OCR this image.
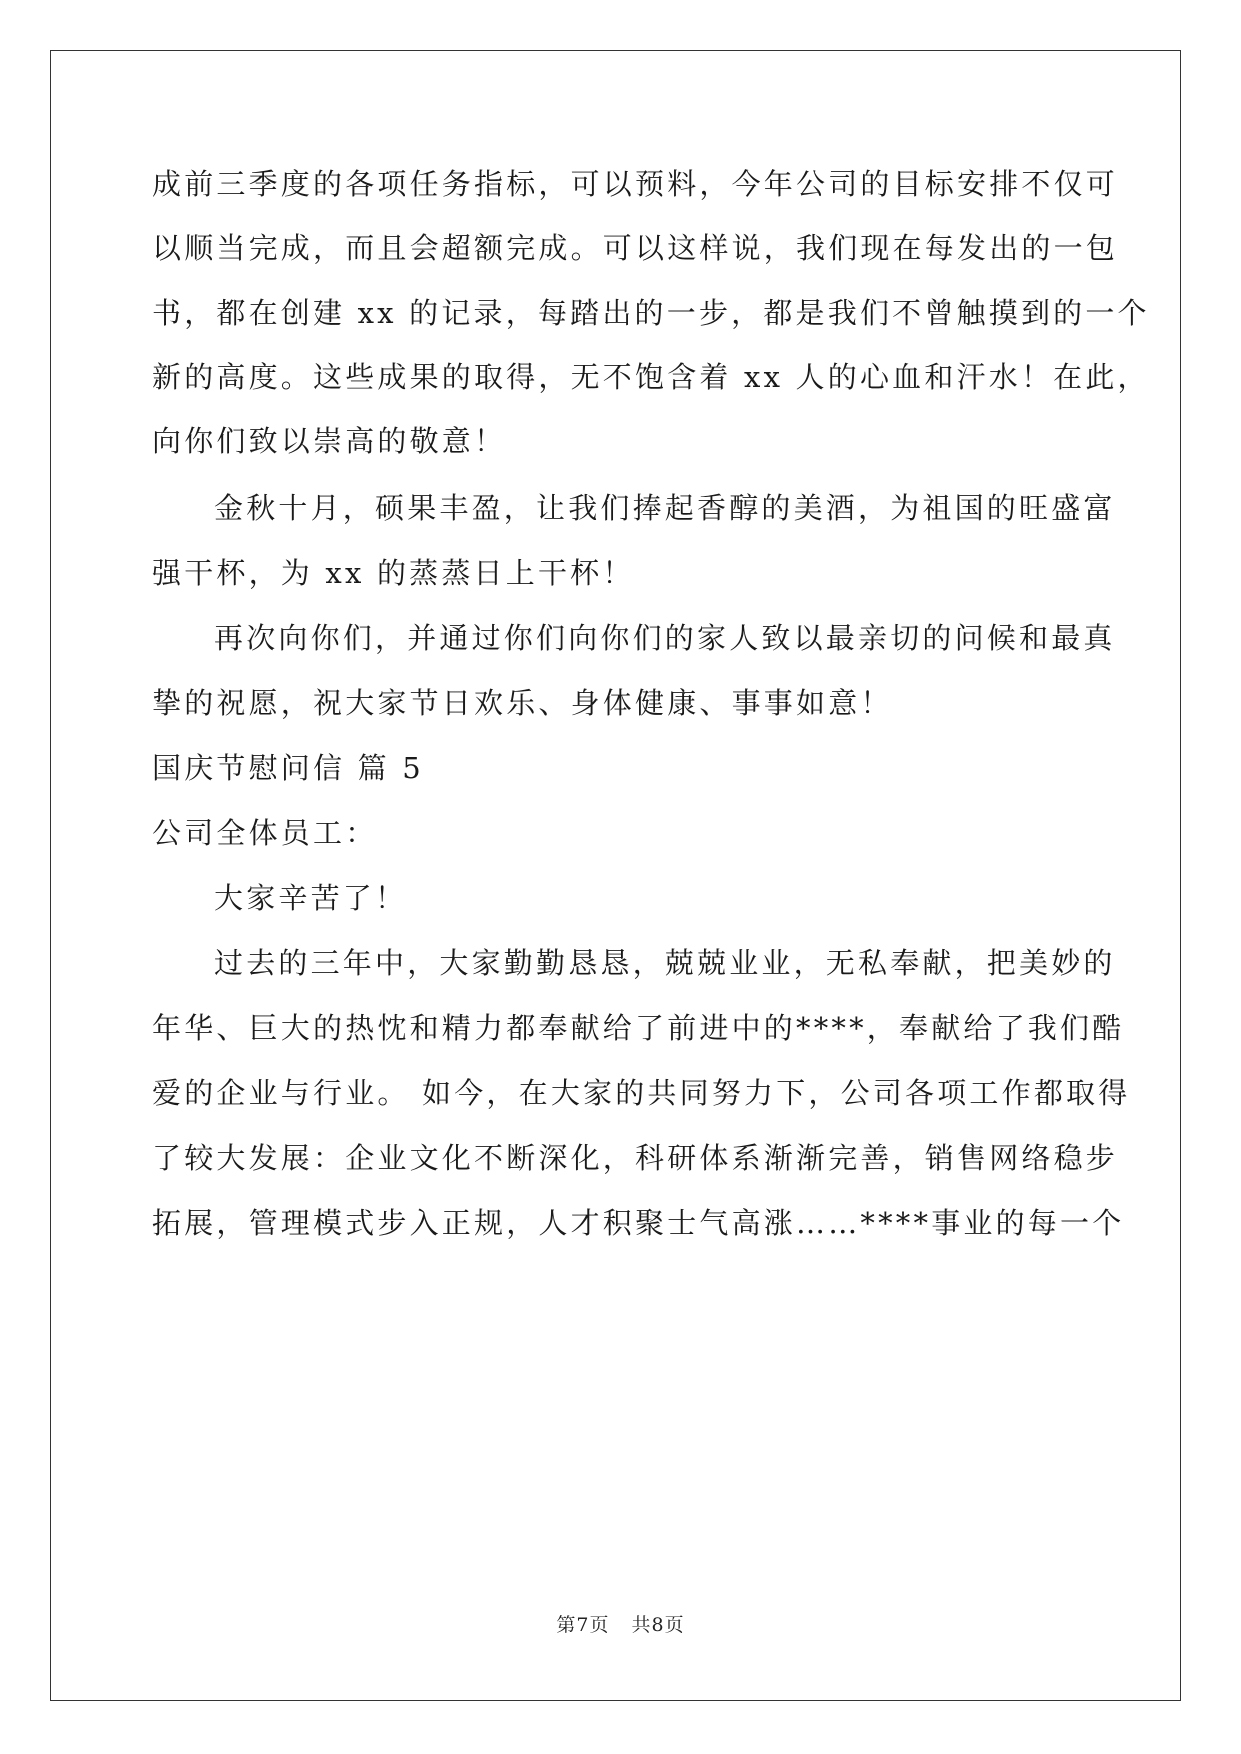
成前三季度的各项任务指标，可以预料，今年公司的目标安排不仅可
以顺当完成，而且会超额完成。可以这样说，我们现在每发出的一包
书，都在创建 xx 的记录，每踏出的一步，都是我们不曾触摸到的一个
新的高度。这些成果的取得，无不饱含着 xx 人的心血和汗水！在此，
向你们致以崇高的敬意！
金秋十月，硕果丰盈，让我们捧起香醇的美酒，为祖国的旺盛富
强干杯，为 xx 的蒸蒸日上干杯！
再次向你们，并通过你们向你们的家人致以最亲切的问候和最真
挚的祝愿，祝大家节日欢乐、身体健康、事事如意！
国庆节慰问信 篇 5
公司全体员工：
大家辛苦了！
过去的三年中，大家勤勤恳恳，兢兢业业，无私奉献，把美妙的
年华、巨大的热忱和精力都奉献给了前进中的****，奉献给了我们酷
爱的企业与行业。 如今，在大家的共同努力下，公司各项工作都取得
了较大发展：企业文化不断深化，科研体系渐渐完善，销售网络稳步
拓展，管理模式步入正规，人才积聚士气高涨……****事业的每一个
第7页 共8页
